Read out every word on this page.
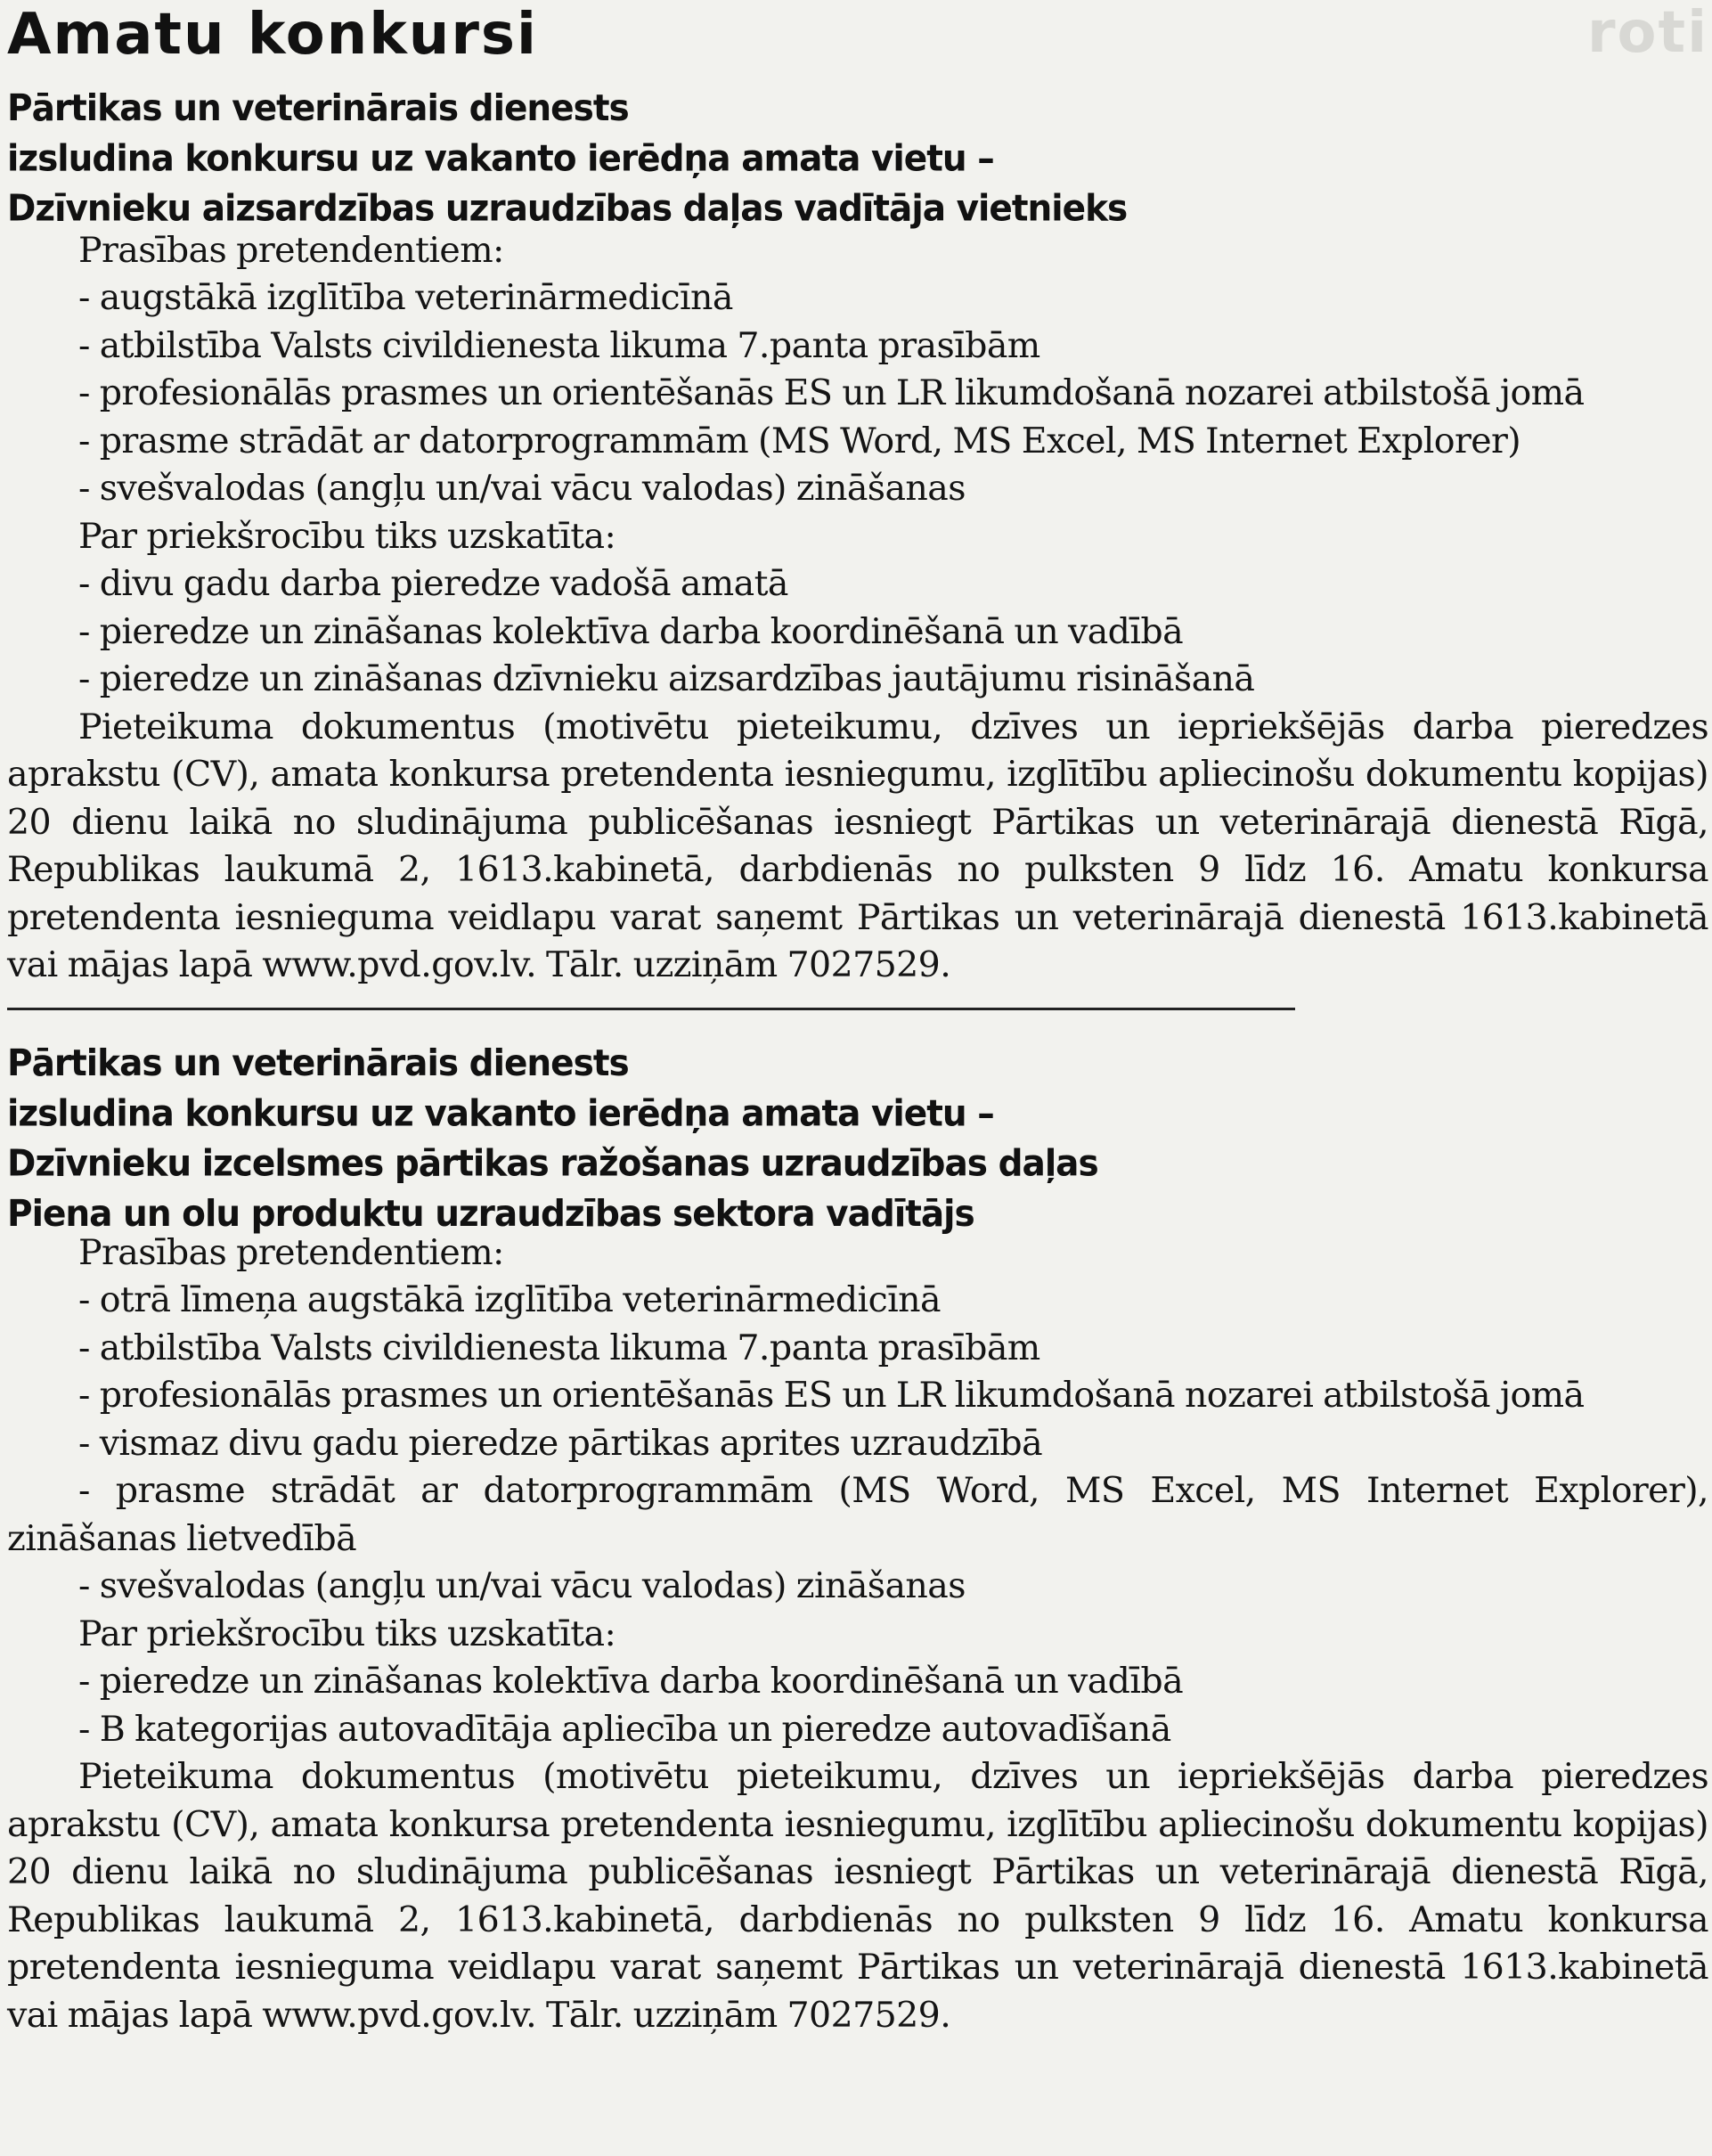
roti
Amatu konkursi
Pārtikas un veterinārais dienests
izsludina konkursu uz vakanto ierēdņa amata vietu –
Dzīvnieku aizsardzības uzraudzības daļas vadītāja vietnieks
Prasības pretendentiem:
- augstākā izglītība veterinārmedicīnā
- atbilstība Valsts civildienesta likuma 7.panta prasībām
- profesionālās prasmes un orientēšanās ES un LR likumdošanā nozarei atbilstošā jomā
- prasme strādāt ar datorprogrammām (MS Word, MS Excel, MS Internet Explorer)
- svešvalodas (angļu un/vai vācu valodas) zināšanas
Par priekšrocību tiks uzskatīta:
- divu gadu darba pieredze vadošā amatā
- pieredze un zināšanas kolektīva darba koordinēšanā un vadībā
- pieredze un zināšanas dzīvnieku aizsardzības jautājumu risināšanā
Pieteikuma dokumentus (motivētu pieteikumu, dzīves un iepriekšējās darba pieredzes aprakstu (CV), amata konkursa pretendenta iesniegumu, izglītību apliecinošu dokumentu kopijas) 20 dienu laikā no sludinājuma publicēšanas iesniegt Pārtikas un veterinārajā dienestā Rīgā, Republikas laukumā 2, 1613.kabinetā, darbdienās no pulksten 9 līdz 16. Amatu konkursa pretendenta iesnieguma veidlapu varat saņemt Pārtikas un veterinārajā dienestā 1613.kabinetā vai mājas lapā www.pvd.gov.lv. Tālr. uzziņām 7027529.
Pārtikas un veterinārais dienests
izsludina konkursu uz vakanto ierēdņa amata vietu –
Dzīvnieku izcelsmes pārtikas ražošanas uzraudzības daļas
Piena un olu produktu uzraudzības sektora vadītājs
Prasības pretendentiem:
- otrā līmeņa augstākā izglītība veterinārmedicīnā
- atbilstība Valsts civildienesta likuma 7.panta prasībām
- profesionālās prasmes un orientēšanās ES un LR likumdošanā nozarei atbilstošā jomā
- vismaz divu gadu pieredze pārtikas aprites uzraudzībā
- prasme strādāt ar datorprogrammām (MS Word, MS Excel, MS Internet Explorer), zināšanas lietvedībā
- svešvalodas (angļu un/vai vācu valodas) zināšanas
Par priekšrocību tiks uzskatīta:
- pieredze un zināšanas kolektīva darba koordinēšanā un vadībā
- B kategorijas autovadītāja apliecība un pieredze autovadīšanā
Pieteikuma dokumentus (motivētu pieteikumu, dzīves un iepriekšējās darba pieredzes aprakstu (CV), amata konkursa pretendenta iesniegumu, izglītību apliecinošu dokumentu kopijas) 20 dienu laikā no sludinājuma publicēšanas iesniegt Pārtikas un veterinārajā dienestā Rīgā, Republikas laukumā 2, 1613.kabinetā, darbdienās no pulksten 9 līdz 16. Amatu konkursa pretendenta iesnieguma veidlapu varat saņemt Pārtikas un veterinārajā dienestā 1613.kabinetā vai mājas lapā www.pvd.gov.lv. Tālr. uzziņām 7027529.
